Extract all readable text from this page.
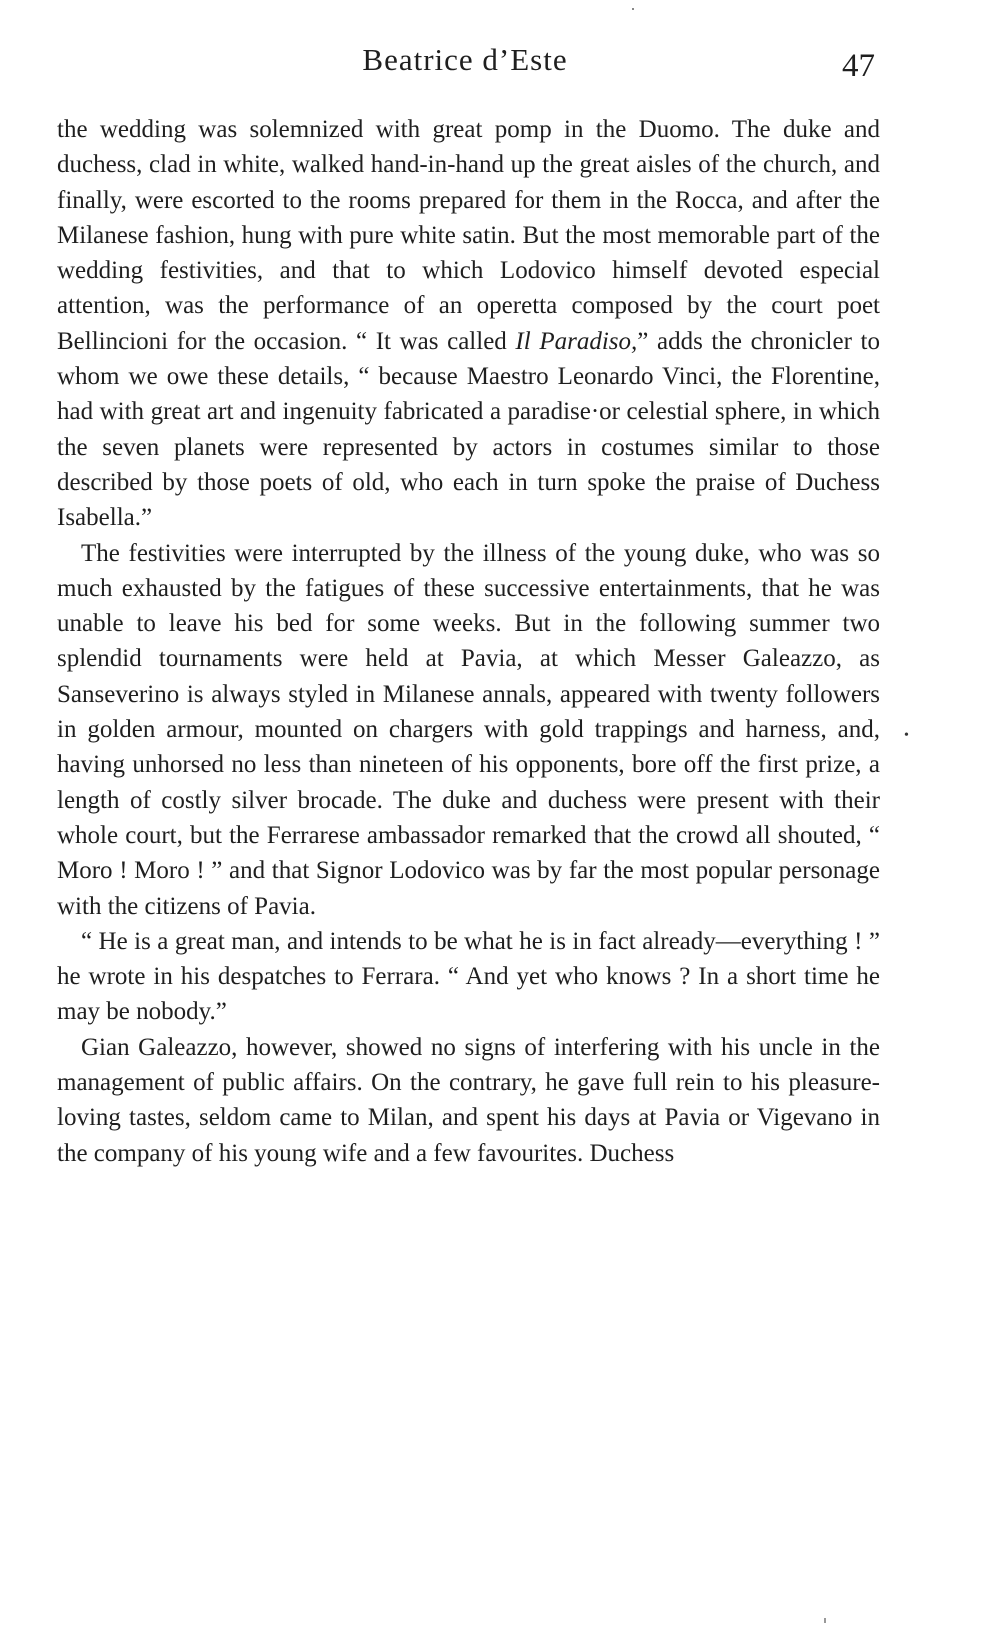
Beatrice d’Este	47

the wedding was solemnized with great pomp in the Duomo. The duke and duchess, clad in white, walked hand-in-hand up the great aisles of the church, and finally, were escorted to the rooms prepared for them in the Rocca, and after the Milanese fashion, hung with pure white satin. But the most memorable part of the wedding festivities, and that to which Lodovico himself devoted especial attention, was the performance of an operetta composed by the court poet Bellincioni for the occasion. “ It was called Il Paradiso,” adds the chronicler to whom we owe these details, “ because Maestro Leonardo Vinci, the Florentine, had with great art and ingenuity fabricated a paradise·or celestial sphere, in which the seven planets were represented by actors in costumes similar to those described by those poets of old, who each in turn spoke the praise of Duchess Isabella.”

The festivities were interrupted by the illness of the young duke, who was so much exhausted by the fatigues of these successive entertainments, that he was unable to leave his bed for some weeks. But in the following summer two splendid tournaments were held at Pavia, at which Messer Galeazzo, as Sanseverino is always styled in Milanese annals, appeared with twenty followers in golden armour, mounted on chargers with gold trappings and harness, and, having unhorsed no less than nineteen of his opponents, bore off the first prize, a length of costly silver brocade. The duke and duchess were present with their whole court, but the Ferrarese ambassador remarked that the crowd all shouted, “ Moro ! Moro ! ” and that Signor Lodovico was by far the most popular personage with the citizens of Pavia.

“ He is a great man, and intends to be what he is in fact already—everything ! ” he wrote in his despatches to Ferrara. “ And yet who knows ? In a short time he may be nobody.”

Gian Galeazzo, however, showed no signs of interfering with his uncle in the management of public affairs. On the contrary, he gave full rein to his pleasure-loving tastes, seldom came to Milan, and spent his days at Pavia or Vigevano in the company of his young wife and a few favourites. Duchess

•
